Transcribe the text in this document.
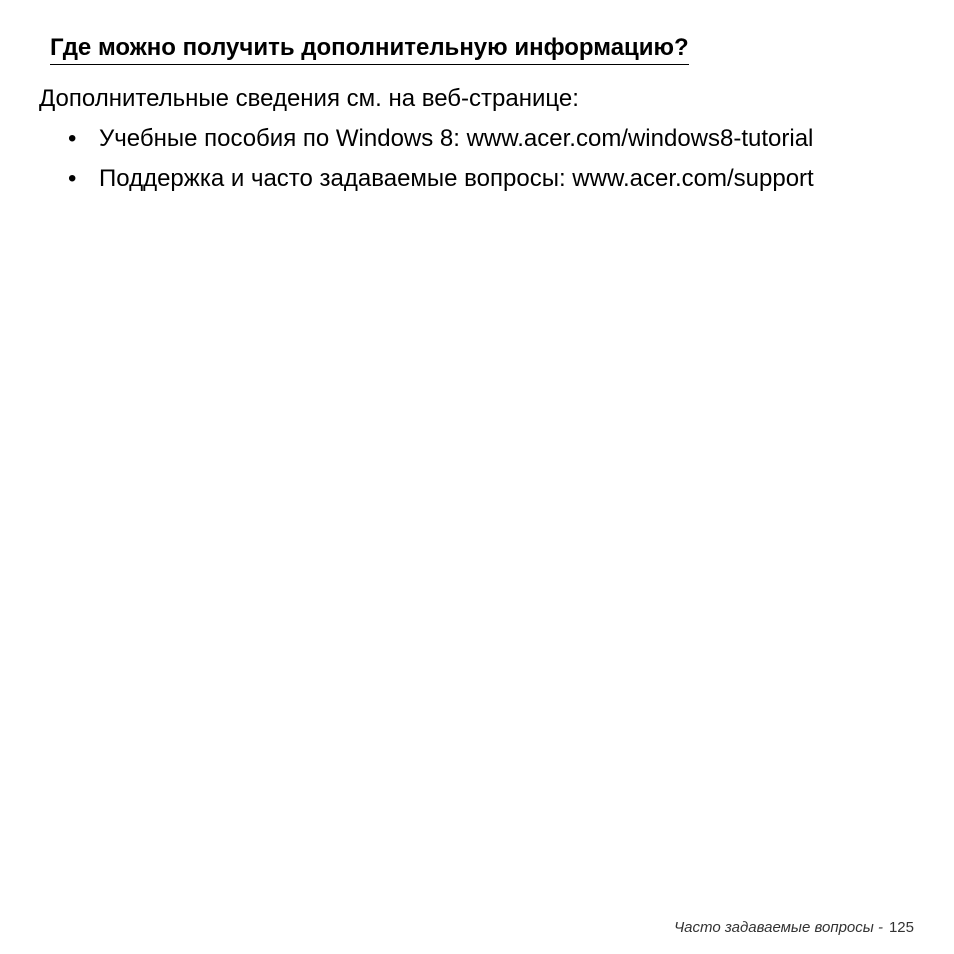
Где можно получить дополнительную информацию?

Дополнительные сведения см. на веб-странице:

• Учебные пособия по Windows 8: www.acer.com/windows8-tutorial
• Поддержка и часто задаваемые вопросы: www.acer.com/support
Часто задаваемые вопросы - 125
